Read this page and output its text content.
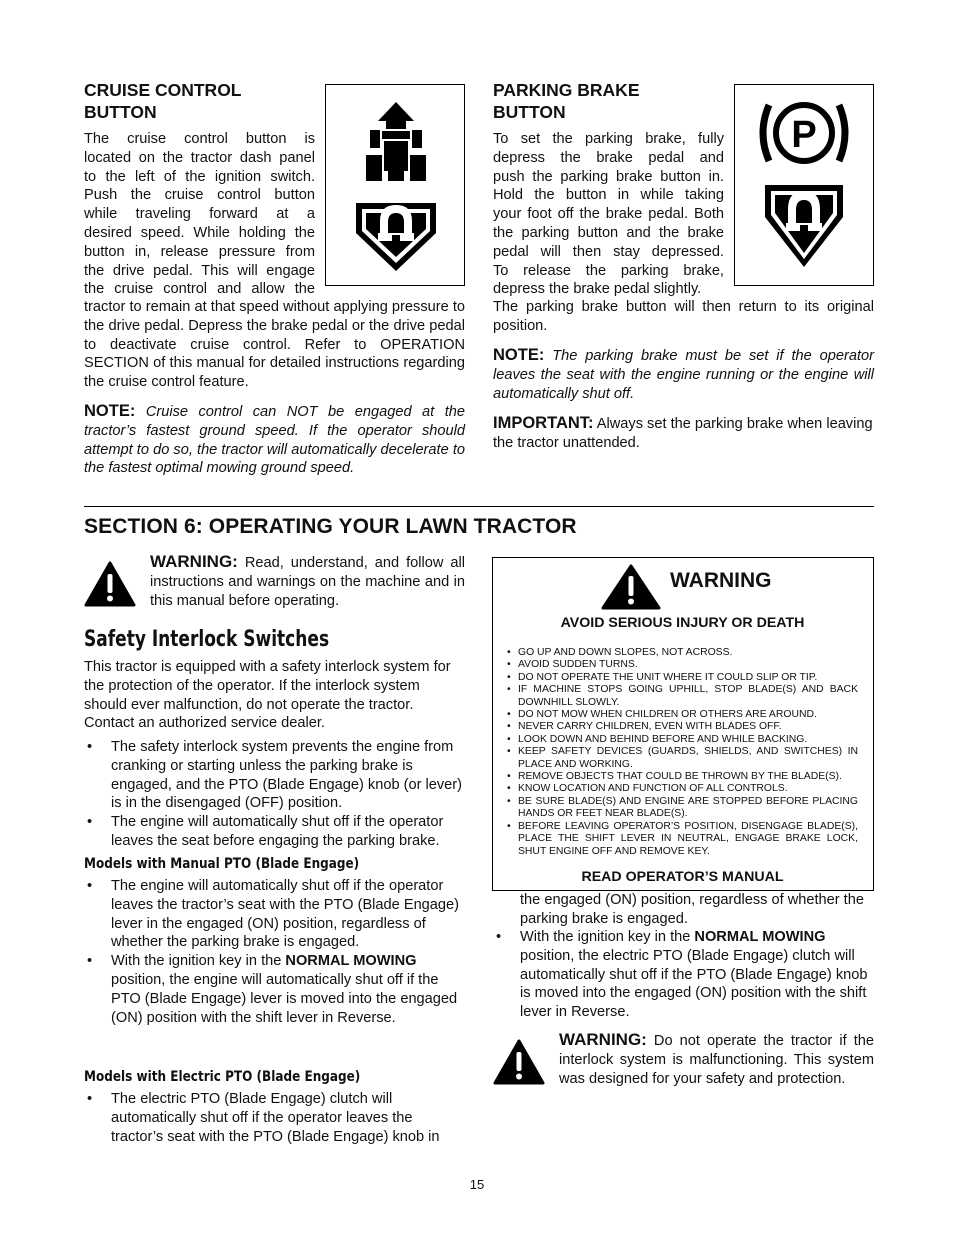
CRUISE CONTROL
BUTTON
The cruise control button is
located on the tractor dash panel
to the left of the ignition switch.
Push the cruise control button
while traveling forward at a
desired speed. While holding the
button in, release pressure from
the drive pedal. This will engage
the cruise control and allow the
tractor to remain at that speed without applying pressure to the drive pedal. Depress the brake pedal or the drive pedal to deactivate cruise control. Refer to OPERATION SECTION of this manual for detailed instructions regarding the cruise control feature.
NOTE: Cruise control can NOT be engaged at the tractor’s fastest ground speed. If the operator should attempt to do so, the tractor will automatically decelerate to the fastest optimal mowing ground speed.
PARKING BRAKE
BUTTON
To set the parking brake, fully
depress the brake pedal and
push the parking brake button in.
Hold the button in while taking
your foot off the brake pedal. Both
the parking button and the brake
pedal will then stay depressed.
To release the parking brake,
depress the brake pedal slightly.
The parking brake button will then return to its original position.
NOTE: The parking brake must be set if the operator leaves the seat with the engine running or the engine will automatically shut off.
IMPORTANT: Always set the parking brake when leaving the tractor unattended.
P
SECTION 6: OPERATING YOUR LAWN TRACTOR
WARNING: Read, understand, and follow all instructions and warnings on the machine and in this manual before operating.
Safety Interlock Switches
This tractor is equipped with a safety interlock system for the protection of the operator. If the interlock system should ever malfunction, do not operate the tractor. Contact an authorized service dealer.
• The safety interlock system prevents the engine from cranking or starting unless the parking brake is engaged, and the PTO (Blade Engage) knob (or lever) is in the disengaged (OFF) position.
• The engine will automatically shut off if the operator leaves the seat before engaging the parking brake.
Models with Manual PTO (Blade Engage)
• The engine will automatically shut off if the operator leaves the tractor’s seat with the PTO (Blade Engage) lever in the engaged (ON) position, regardless of whether the parking brake is engaged.
• With the ignition key in the NORMAL MOWING position, the engine will automatically shut off if the PTO (Blade Engage) lever is moved into the engaged (ON) position with the shift lever in Reverse.
Models with Electric PTO (Blade Engage)
• The electric PTO (Blade Engage) clutch will automatically shut off if the operator leaves the tractor’s seat with the PTO (Blade Engage) knob in
WARNING
AVOID SERIOUS INJURY OR DEATH
• GO UP AND DOWN SLOPES, NOT ACROSS.
• AVOID SUDDEN TURNS.
• DO NOT OPERATE THE UNIT WHERE IT COULD SLIP OR TIP.
• IF MACHINE STOPS GOING UPHILL, STOP BLADE(S) AND BACK DOWNHILL SLOWLY.
• DO NOT MOW WHEN CHILDREN OR OTHERS ARE AROUND.
• NEVER CARRY CHILDREN, EVEN WITH BLADES OFF.
• LOOK DOWN AND BEHIND BEFORE AND WHILE BACKING.
• KEEP SAFETY DEVICES (GUARDS, SHIELDS, AND SWITCHES) IN PLACE AND WORKING.
• REMOVE OBJECTS THAT COULD BE THROWN BY THE BLADE(S).
• KNOW LOCATION AND FUNCTION OF ALL CONTROLS.
• BE SURE BLADE(S) AND ENGINE ARE STOPPED BEFORE PLACING HANDS OR FEET NEAR BLADE(S).
• BEFORE LEAVING OPERATOR’S POSITION, DISENGAGE BLADE(S), PLACE THE SHIFT LEVER IN NEUTRAL, ENGAGE BRAKE LOCK, SHUT ENGINE OFF AND REMOVE KEY.
READ OPERATOR’S MANUAL
the engaged (ON) position, regardless of whether the parking brake is engaged.
• With the ignition key in the NORMAL MOWING position, the electric PTO (Blade Engage) clutch will automatically shut off if the PTO (Blade Engage) knob is moved into the engaged (ON) position with the shift lever in Reverse.
WARNING: Do not operate the tractor if the interlock system is malfunctioning. This system was designed for your safety and protection.
15
